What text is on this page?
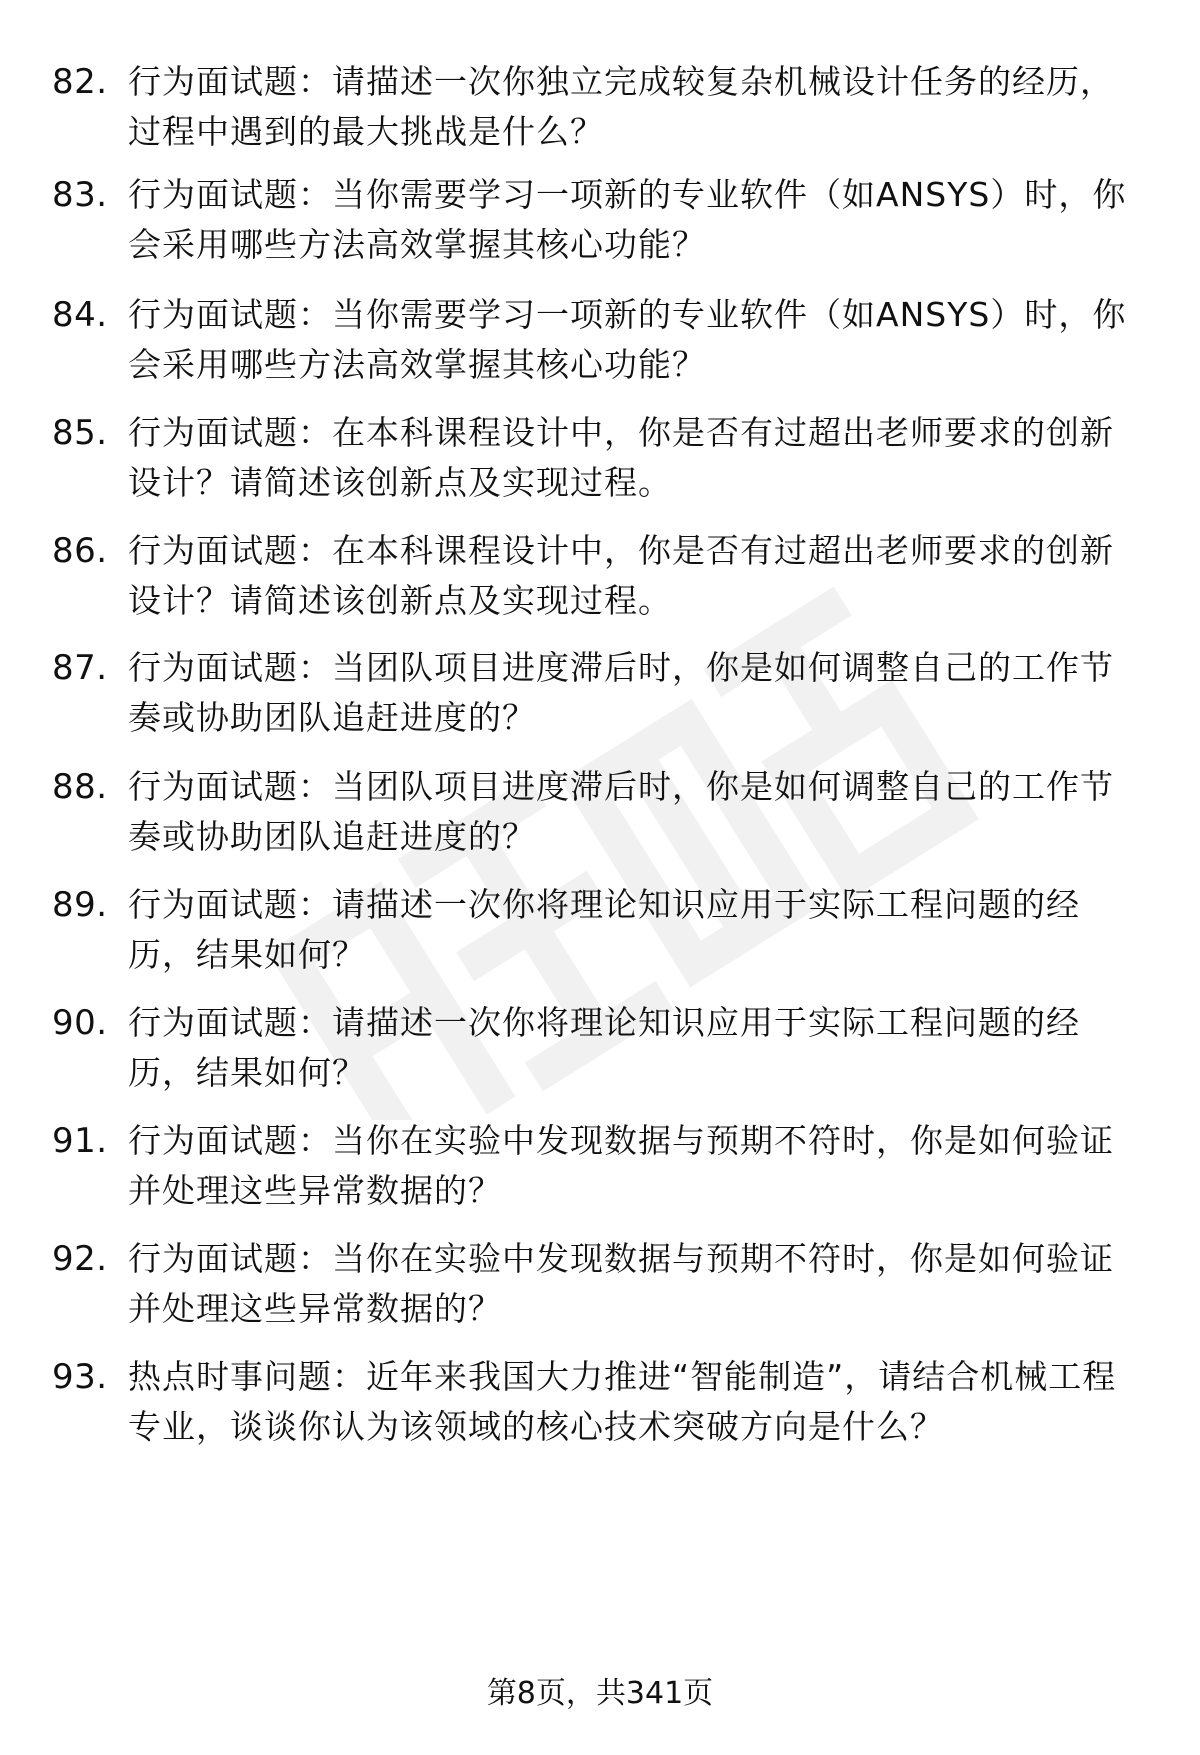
82. 行为面试题：请描述一次你独立完成较复杂机械设计任务的经历，过程中遇到的最大挑战是什么？
83. 行为面试题：当你需要学习一项新的专业软件（如ANSYS）时，你会采用哪些方法高效掌握其核心功能？
84. 行为面试题：当你需要学习一项新的专业软件（如ANSYS）时，你会采用哪些方法高效掌握其核心功能？
85. 行为面试题：在本科课程设计中，你是否有过超出老师要求的创新设计？请简述该创新点及实现过程。
86. 行为面试题：在本科课程设计中，你是否有过超出老师要求的创新设计？请简述该创新点及实现过程。
87. 行为面试题：当团队项目进度滞后时，你是如何调整自己的工作节奏或协助团队追赶进度的？
88. 行为面试题：当团队项目进度滞后时，你是如何调整自己的工作节奏或协助团队追赶进度的？
89. 行为面试题：请描述一次你将理论知识应用于实际工程问题的经历，结果如何？
90. 行为面试题：请描述一次你将理论知识应用于实际工程问题的经历，结果如何？
91. 行为面试题：当你在实验中发现数据与预期不符时，你是如何验证并处理这些异常数据的？
92. 行为面试题：当你在实验中发现数据与预期不符时，你是如何验证并处理这些异常数据的？
93. 热点时事问题：近年来我国大力推进“智能制造”，请结合机械工程专业，谈谈你认为该领域的核心技术突破方向是什么？
第8页，共341页
